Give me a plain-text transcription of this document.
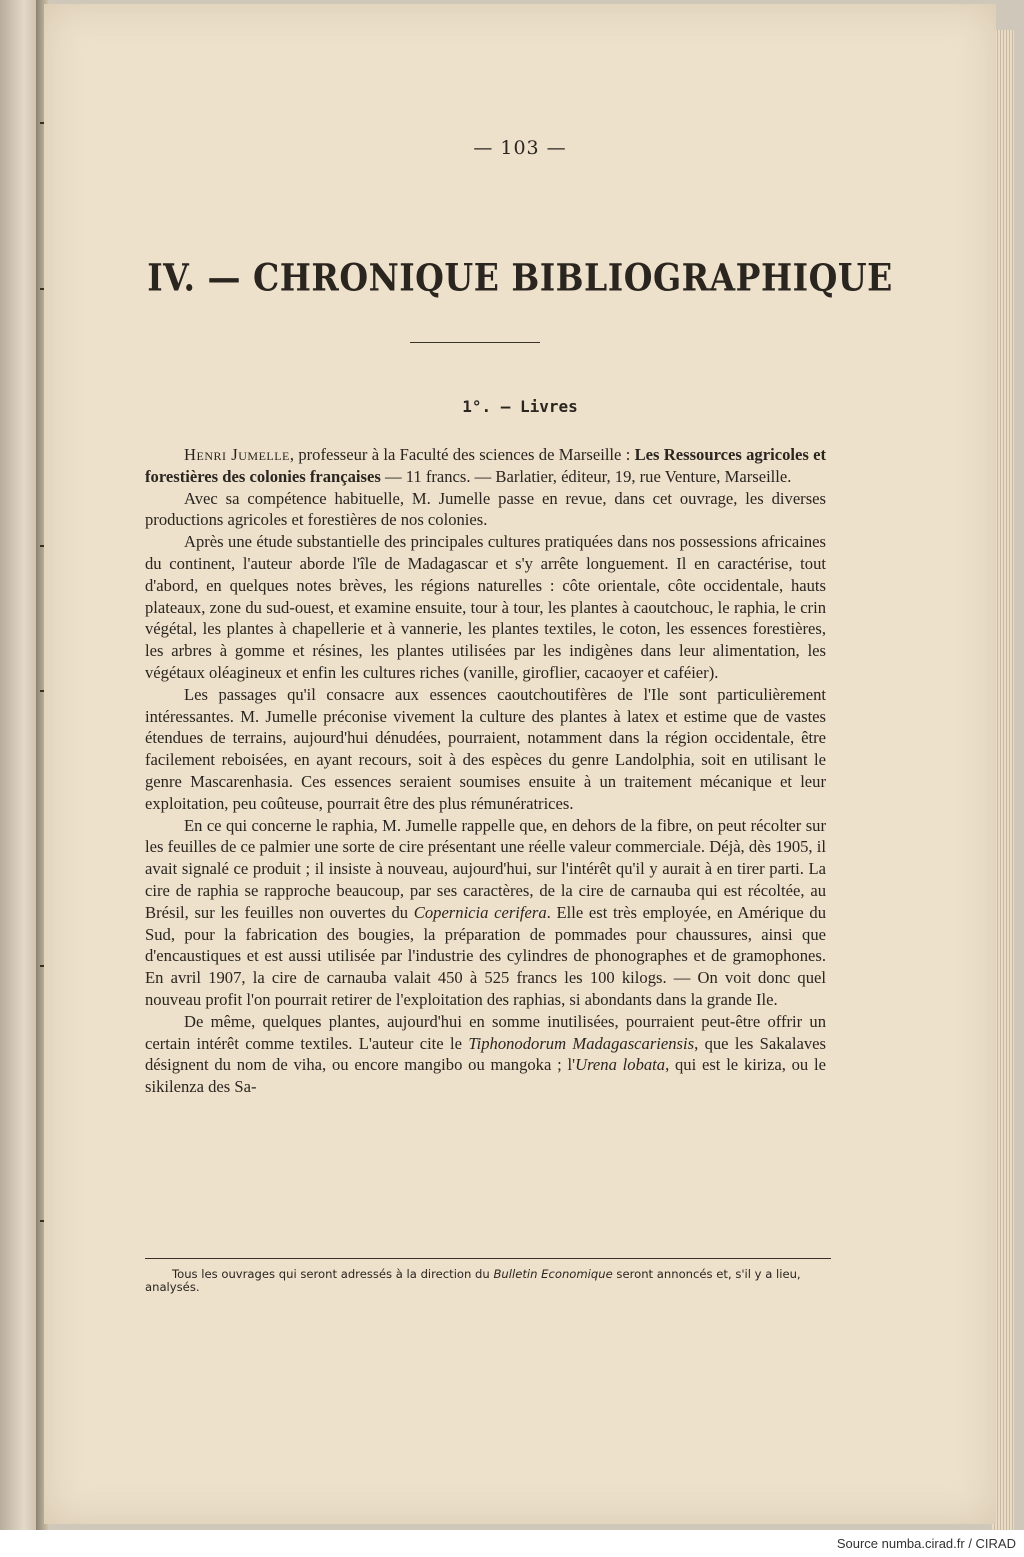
— 103 —
IV. — CHRONIQUE BIBLIOGRAPHIQUE
1°. — Livres

Henri Jumelle, professeur à la Faculté des sciences de Marseille : Les Ressources agricoles et forestières des colonies françaises — 11 francs. — Barlatier, éditeur, 19, rue Venture, Marseille.

Avec sa compétence habituelle, M. Jumelle passe en revue, dans cet ouvrage, les diverses productions agricoles et forestières de nos colonies.

Après une étude substantielle des principales cultures pratiquées dans nos possessions africaines du continent, l'auteur aborde l'île de Madagascar et s'y arrête longuement. Il en caractérise, tout d'abord, en quelques notes brèves, les régions naturelles : côte orientale, côte occidentale, hauts plateaux, zone du sud-ouest, et examine ensuite, tour à tour, les plantes à caoutchouc, le raphia, le crin végétal, les plantes à chapellerie et à vannerie, les plantes textiles, le coton, les essences forestières, les arbres à gomme et résines, les plantes utilisées par les indigènes dans leur alimentation, les végétaux oléagineux et enfin les cultures riches (vanille, giroflier, cacaoyer et caféier).

Les passages qu'il consacre aux essences caoutchoutifères de l'Ile sont particulièrement intéressantes. M. Jumelle préconise vivement la culture des plantes à latex et estime que de vastes étendues de terrains, aujourd'hui dénudées, pourraient, notamment dans la région occidentale, être facilement reboisées, en ayant recours, soit à des espèces du genre Landolphia, soit en utilisant le genre Mascarenhasia. Ces essences seraient soumises ensuite à un traitement mécanique et leur exploitation, peu coûteuse, pourrait être des plus rémunératrices.

En ce qui concerne le raphia, M. Jumelle rappelle que, en dehors de la fibre, on peut récolter sur les feuilles de ce palmier une sorte de cire présentant une réelle valeur commerciale. Déjà, dès 1905, il avait signalé ce produit ; il insiste à nouveau, aujourd'hui, sur l'intérêt qu'il y aurait à en tirer parti. La cire de raphia se rapproche beaucoup, par ses caractères, de la cire de carnauba qui est récoltée, au Brésil, sur les feuilles non ouvertes du Copernicia cerifera. Elle est très employée, en Amérique du Sud, pour la fabrication des bougies, la préparation de pommades pour chaussures, ainsi que d'encaustiques et est aussi utilisée par l'industrie des cylindres de phonographes et de gramophones. En avril 1907, la cire de carnauba valait 450 à 525 francs les 100 kilogs. — On voit donc quel nouveau profit l'on pourrait retirer de l'exploitation des raphias, si abondants dans la grande Ile.

De même, quelques plantes, aujourd'hui en somme inutilisées, pourraient peut-être offrir un certain intérêt comme textiles. L'auteur cite le Tiphonodorum Madagascariensis, que les Sakalaves désignent du nom de viha, ou encore mangibo ou mangoka ; l'Urena lobata, qui est le kiriza, ou le sikilenza des Sa-

Tous les ouvrages qui seront adressés à la direction du Bulletin Economique seront annoncés et, s'il y a lieu, analysés.

Source numba.cirad.fr / CIRAD
